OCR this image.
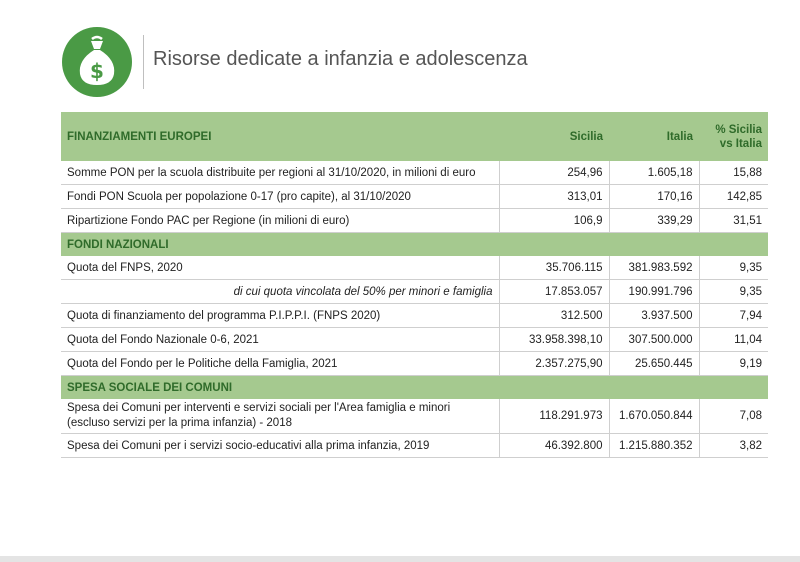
$ Risorse dedicate a infanzia e adolescenza
FINANZIAMENTI EUROPEI	Sicilia	Italia	% Sicilia
vs Italia
Somme PON per la scuola distribuite per regioni al 31/10/2020, in milioni di euro	254,96	1.605,18	15,88
Fondi PON Scuola per popolazione 0-17 (pro capite), al 31/10/2020	313,01	170,16	142,85
Ripartizione Fondo PAC per Regione (in milioni di euro)	106,9	339,29	31,51
FONDI NAZIONALI			
Quota del FNPS, 2020	35.706.115	381.983.592	9,35
di cui quota vincolata del 50% per minori e famiglia	17.853.057	190.991.796	9,35
Quota di finanziamento del programma P.I.P.P.I. (FNPS 2020)	312.500	3.937.500	7,94
Quota del Fondo Nazionale 0-6, 2021	33.958.398,10	307.500.000	11,04
Quota del Fondo per le Politiche della Famiglia, 2021	2.357.275,90	25.650.445	9,19
SPESA SOCIALE DEI COMUNI			
Spesa dei Comuni per interventi e servizi sociali per l'Area famiglia e minori
(escluso servizi per la prima infanzia) - 2018	118.291.973	1.670.050.844	7,08
Spesa dei Comuni per i servizi socio-educativi alla prima infanzia, 2019	46.392.800	1.215.880.352	3,82
